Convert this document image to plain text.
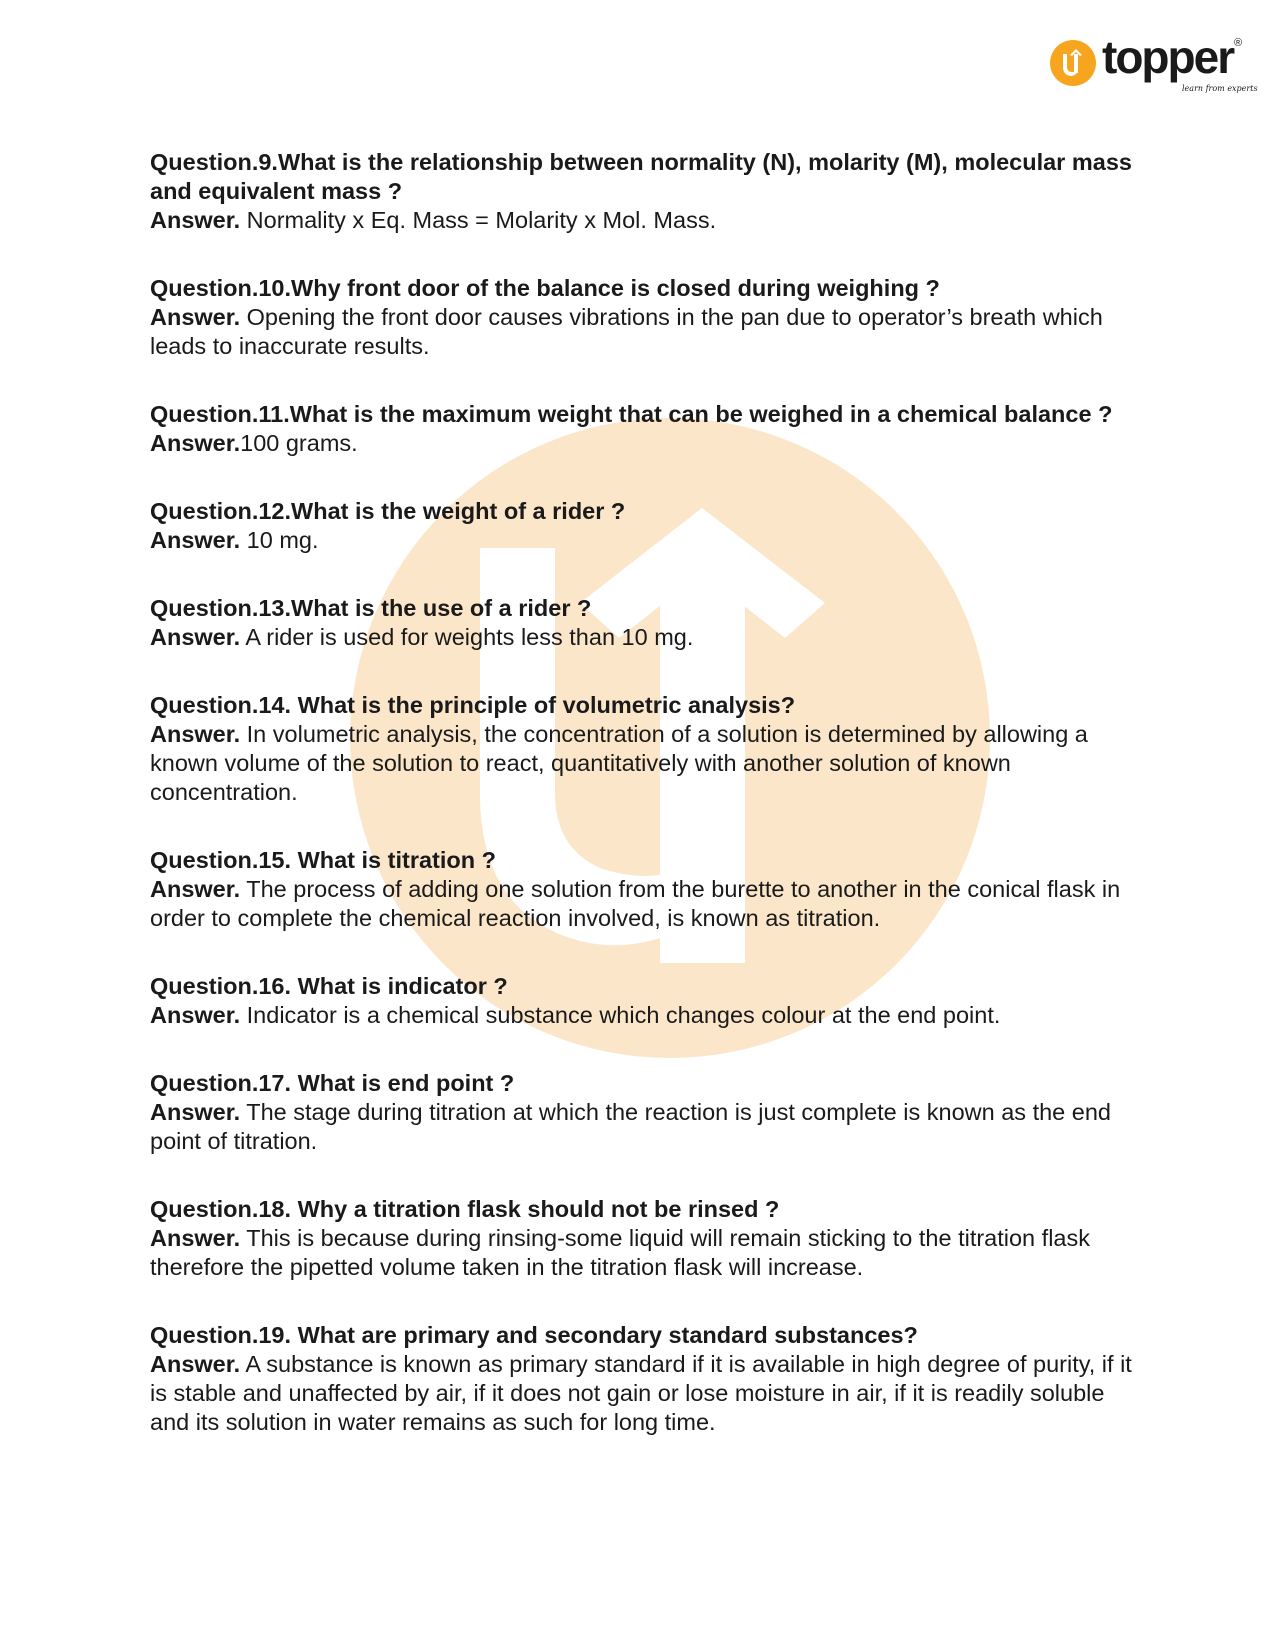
topper ®
learn from experts
Question.9.What is the relationship between normality (N), molarity (M), molecular mass and equivalent mass ?
Answer. Normality x Eq. Mass = Molarity x Mol. Mass.
Question.10.Why front door of the balance is closed during weighing ?
Answer. Opening the front door causes vibrations in the pan due to operator’s breath which leads to inaccurate results.
Question.11.What is the maximum weight that can be weighed in a chemical balance ?
Answer.100 grams.
Question.12.What is the weight of a rider ?
Answer. 10 mg.
Question.13.What is the use of a rider ?
Answer. A rider is used for weights less than 10 mg.
Question.14. What is the principle of volumetric analysis?
Answer. In volumetric analysis, the concentration of a solution is determined by allowing a known volume of the solution to react, quantitatively with another solution of known concentration.
Question.15. What is titration ?
Answer. The process of adding one solution from the burette to another in the conical flask in order to complete the chemical reaction involved, is known as titration.
Question.16. What is indicator ?
Answer. Indicator is a chemical substance which changes colour at the end point.
Question.17. What is end point ?
Answer. The stage during titration at which the reaction is just complete is known as the end point of titration.
Question.18. Why a titration flask should not be rinsed ?
Answer. This is because during rinsing-some liquid will remain sticking to the titration flask therefore the pipetted volume taken in the titration flask will increase.
Question.19. What are primary and secondary standard substances?
Answer. A substance is known as primary standard if it is available in high degree of purity, if it is stable and unaffected by air, if it does not gain or lose moisture in air, if it is readily soluble and its solution in water remains as such for long time.
